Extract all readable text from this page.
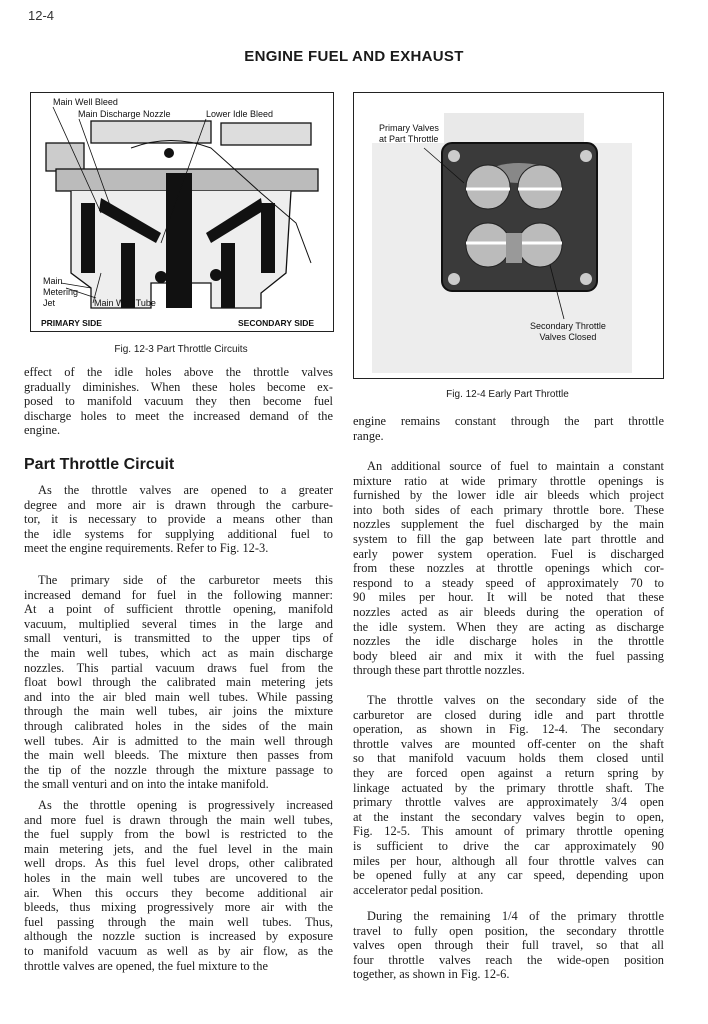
12-4
ENGINE FUEL AND EXHAUST
Main Well Bleed
Main Discharge Nozzle	Lower Idle Bleed
Main
Metering
Jet	Main Well Tube
PRIMARY SIDE	SECONDARY SIDE
Fig. 12-3 Part Throttle Circuits
Primary Valves
at Part Throttle
Secondary Throttle
Valves Closed
Fig. 12-4 Early Part Throttle
Part Throttle Circuit
effect of the idle holes above the throttle valves
gradually diminishes. When these holes become ex-
posed to manifold vacuum they then become fuel
discharge holes to meet the increased demand of the
engine.
As the throttle valves are opened to a greater
degree and more air is drawn through the carbure-
tor, it is necessary to provide a means other than
the idle systems for supplying additional fuel to
meet the engine requirements. Refer to Fig. 12-3.
The primary side of the carburetor meets this
increased demand for fuel in the following manner:
At a point of sufficient throttle opening, manifold
vacuum, multiplied several times in the large and
small venturi, is transmitted to the upper tips of
the main well tubes, which act as main discharge
nozzles. This partial vacuum draws fuel from the
float bowl through the calibrated main metering jets
and into the air bled main well tubes. While passing
through the main well tubes, air joins the mixture
through calibrated holes in the sides of the main
well tubes. Air is admitted to the main well through
the main well bleeds. The mixture then passes from
the tip of the nozzle through the mixture passage to
the small venturi and on into the intake manifold.
As the throttle opening is progressively increased
and more fuel is drawn through the main well tubes,
the fuel supply from the bowl is restricted to the
main metering jets, and the fuel level in the main
well drops. As this fuel level drops, other calibrated
holes in the main well tubes are uncovered to the
air. When this occurs they become additional air
bleeds, thus mixing progressively more air with the
fuel passing through the main well tubes. Thus,
although the nozzle suction is increased by exposure
to manifold vacuum as well as by air flow, as the
throttle valves are opened, the fuel mixture to the
engine remains constant through the part throttle
range.
An additional source of fuel to maintain a constant
mixture ratio at wide primary throttle openings is
furnished by the lower idle air bleeds which project
into both sides of each primary throttle bore. These
nozzles supplement the fuel discharged by the main
system to fill the gap between late part throttle and
early power system operation. Fuel is discharged
from these nozzles at throttle openings which cor-
respond to a steady speed of approximately 70 to
90 miles per hour. It will be noted that these
nozzles acted as air bleeds during the operation of
the idle system. When they are acting as discharge
nozzles the idle discharge holes in the throttle
body bleed air and mix it with the fuel passing
through these part throttle nozzles.
The throttle valves on the secondary side of the
carburetor are closed during idle and part throttle
operation, as shown in Fig. 12-4. The secondary
throttle valves are mounted off-center on the shaft
so that manifold vacuum holds them closed until
they are forced open against a return spring by
linkage actuated by the primary throttle shaft. The
primary throttle valves are approximately 3/4 open
at the instant the secondary valves begin to open,
Fig. 12-5. This amount of primary throttle opening
is sufficient to drive the car approximately 90
miles per hour, although all four throttle valves can
be opened fully at any car speed, depending upon
accelerator pedal position.
During the remaining 1/4 of the primary throttle
travel to fully open position, the secondary throttle
valves open through their full travel, so that all
four throttle valves reach the wide-open position
together, as shown in Fig. 12-6.
